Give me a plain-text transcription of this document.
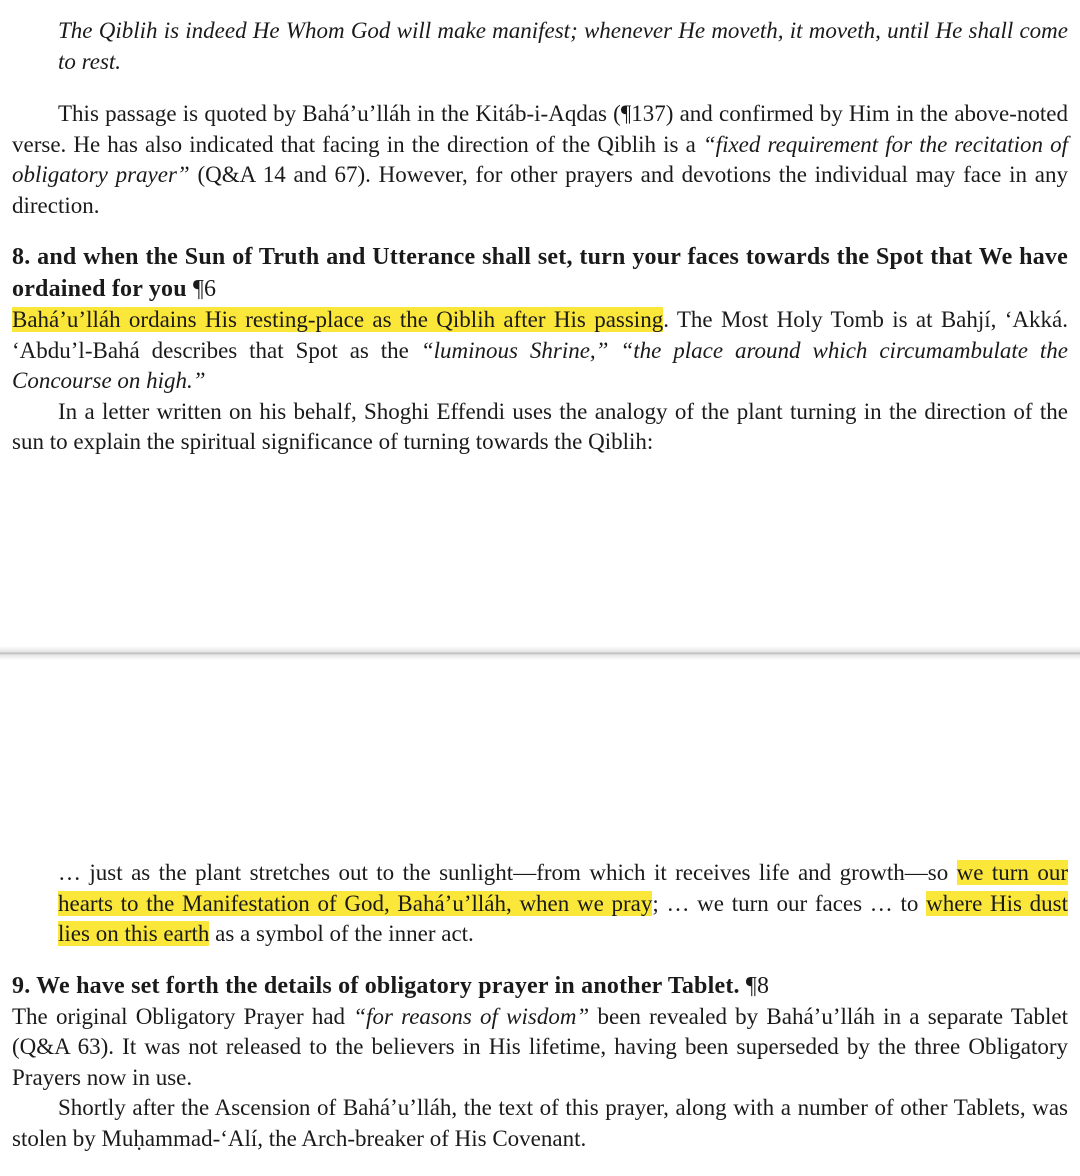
The Qiblih is indeed He Whom God will make manifest; whenever He moveth, it moveth, until He shall come to rest.

This passage is quoted by Bahá’u’lláh in the Kitáb-i-Aqdas (¶137) and confirmed by Him in the above-noted verse. He has also indicated that facing in the direction of the Qiblih is a “fixed requirement for the recitation of obligatory prayer” (Q&A 14 and 67). However, for other prayers and devotions the individual may face in any direction.

8. and when the Sun of Truth and Utterance shall set, turn your faces towards the Spot that We have ordained for you ¶6

Bahá’u’lláh ordains His resting-place as the Qiblih after His passing. The Most Holy Tomb is at Bahjí, ‘Akká. ‘Abdu’l-Bahá describes that Spot as the “luminous Shrine,” “the place around which circumambulate the Concourse on high.”

In a letter written on his behalf, Shoghi Effendi uses the analogy of the plant turning in the direction of the sun to explain the spiritual significance of turning towards the Qiblih:

… just as the plant stretches out to the sunlight—from which it receives life and growth—so we turn our hearts to the Manifestation of God, Bahá’u’lláh, when we pray; … we turn our faces … to where His dust lies on this earth as a symbol of the inner act.

9. We have set forth the details of obligatory prayer in another Tablet. ¶8

The original Obligatory Prayer had “for reasons of wisdom” been revealed by Bahá’u’lláh in a separate Tablet (Q&A 63). It was not released to the believers in His lifetime, having been superseded by the three Obligatory Prayers now in use.

Shortly after the Ascension of Bahá’u’lláh, the text of this prayer, along with a number of other Tablets, was stolen by Muḥammad-‘Alí, the Arch-breaker of His Covenant.
